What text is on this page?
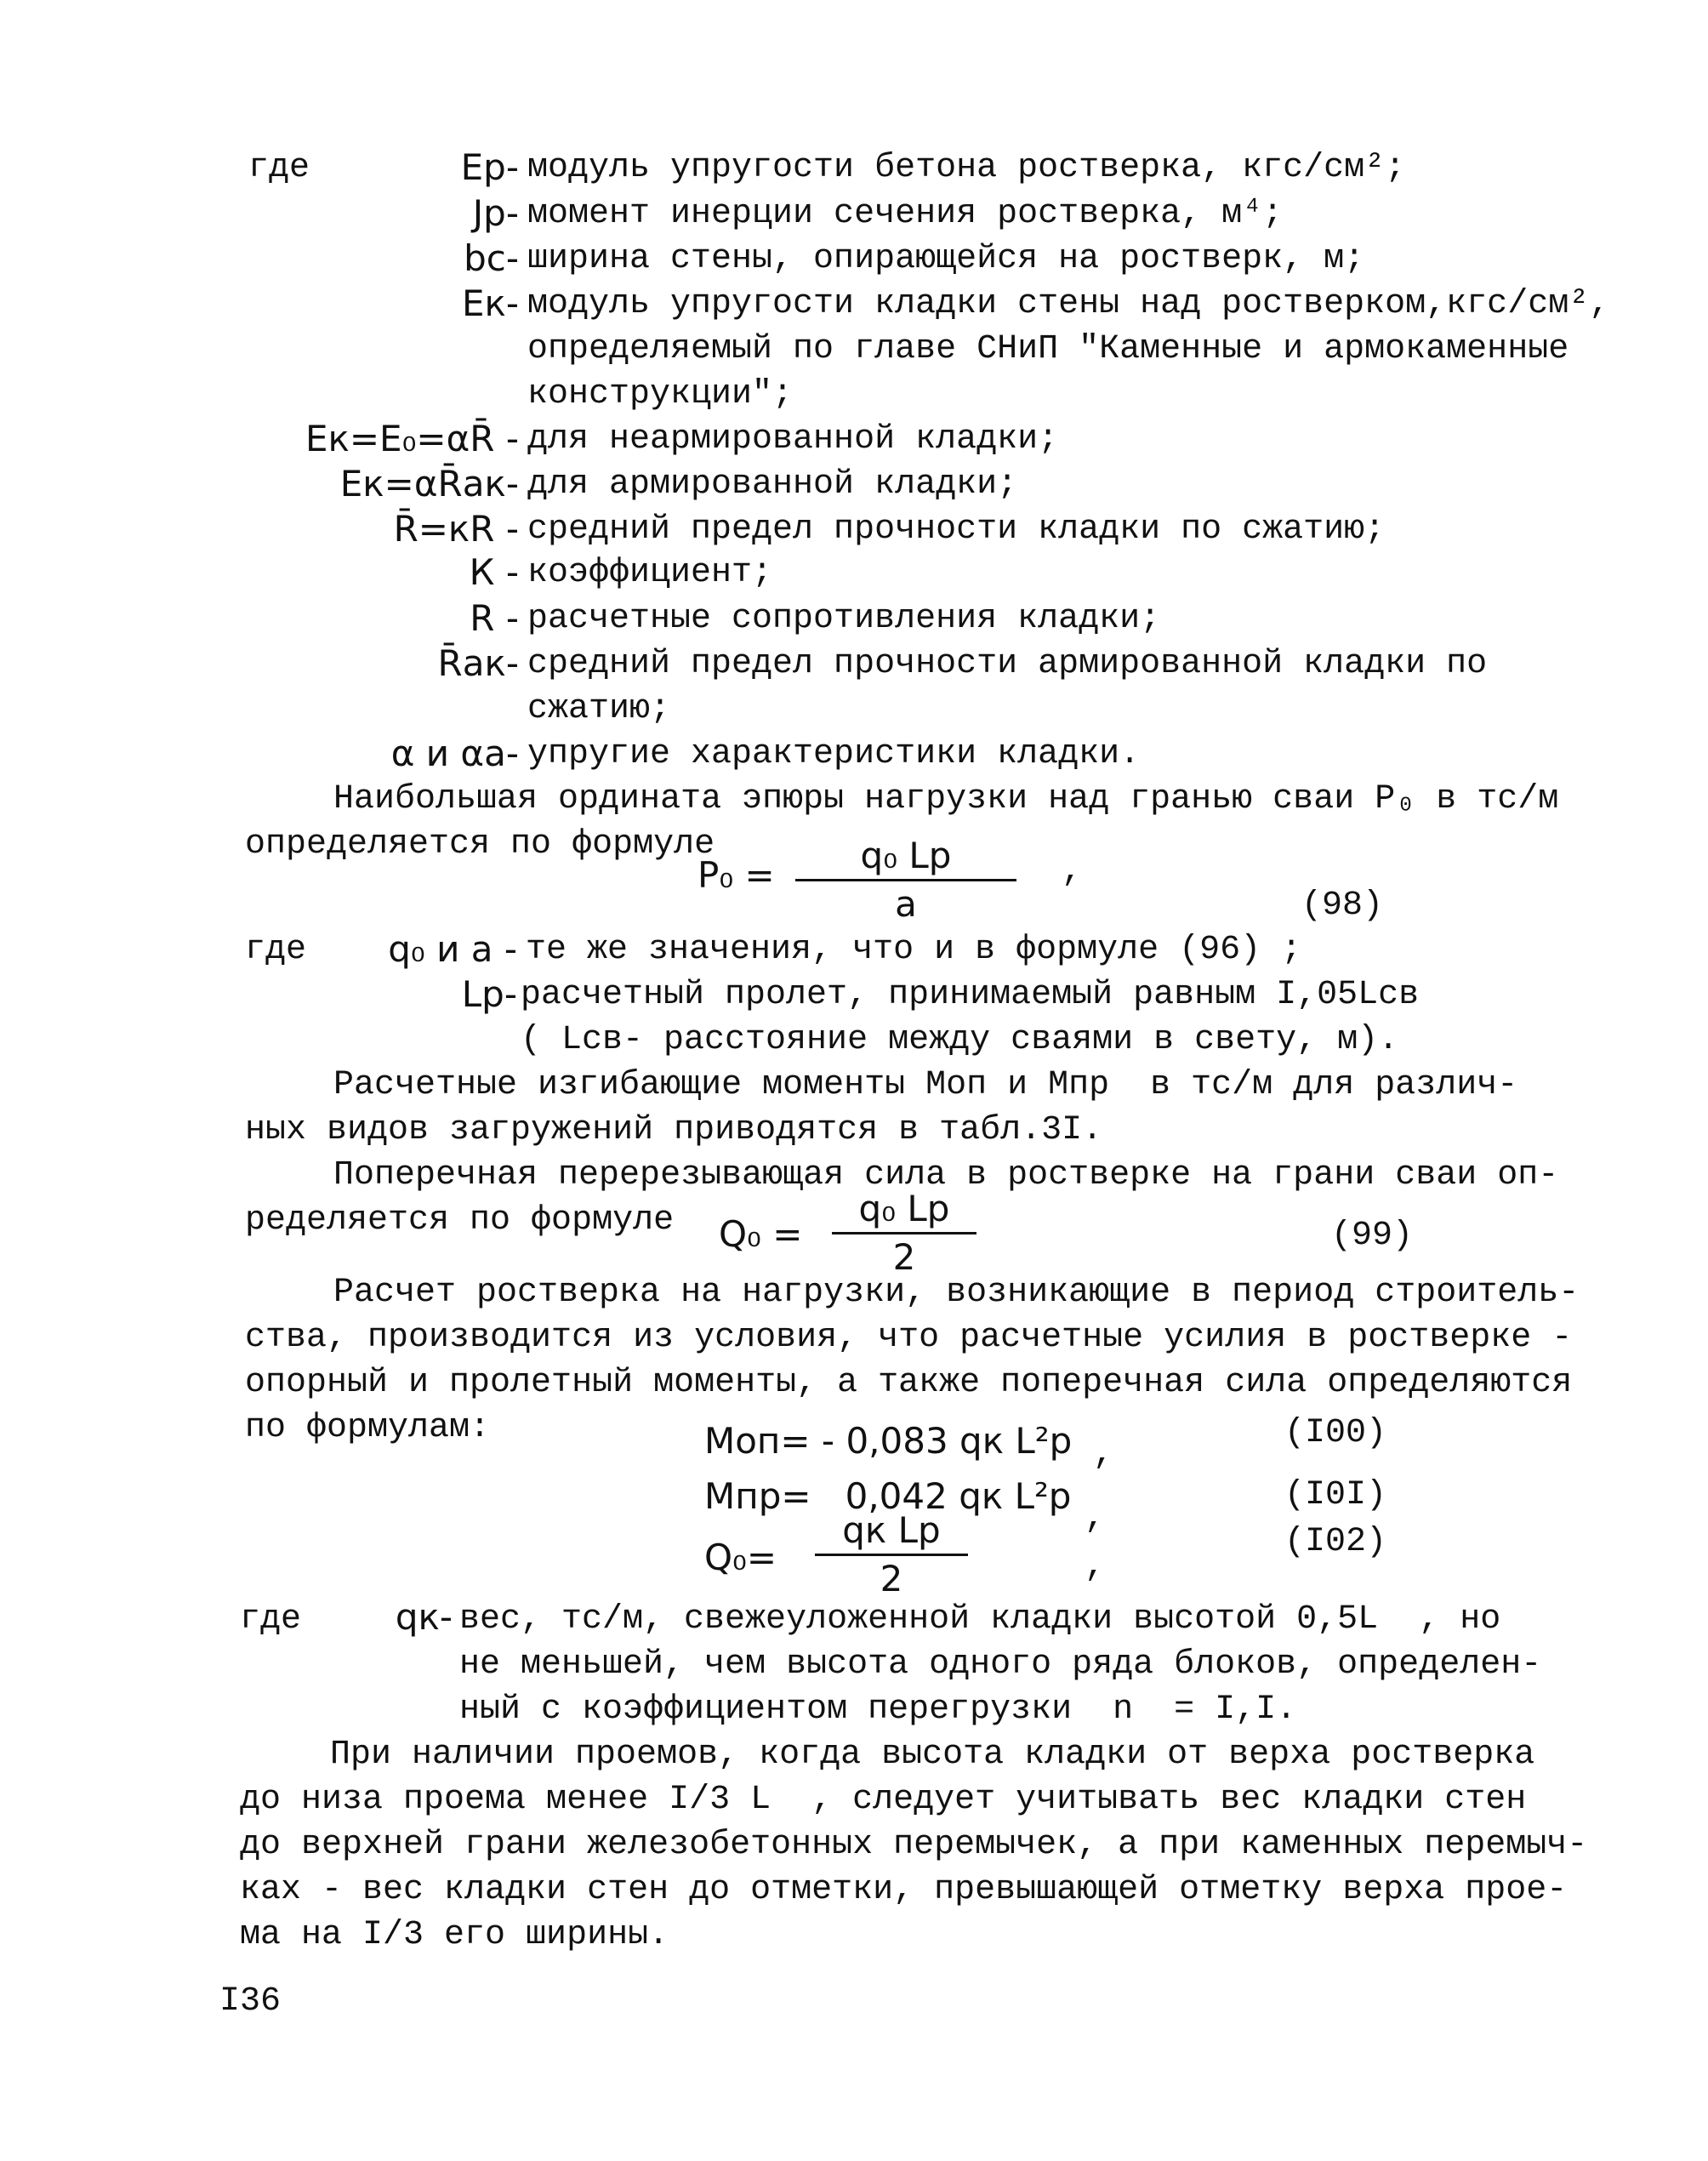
где	Eр- модуль упругости бетона ростверка, кгс/см²;
Jр- момент инерции сечения ростверка, м⁴;
bс- ширина стены, опирающейся на ростверк, м;
Eк- модуль упругости кладки стены над ростверком,кгс/см²,
определяемый по главе СНиП "Каменные и армокаменные
конструкции";
Eк=E₀=αR̄ - для неармированной кладки;
Eк=αR̄ак- для армированной кладки;
R̄=кR - средний предел прочности кладки по сжатию;
К - коэффициент;
R - расчетные сопротивления кладки;
R̄ак- средний предел прочности армированной кладки по
сжатию;
α и αа- упругие характеристики кладки.
Наибольшая ордината эпюры нагрузки над гранью сваи P₀ в тс/м
определяется по формуле
P₀ =	q₀ Lр
a
,
(98)
где	q₀ и a - те же значения, что и в формуле (96) ;
Lр- расчетный пролет, принимаемый равным I,05Lсв
( Lсв- расстояние между сваями в свету, м).
Расчетные изгибающие моменты Mоп и Mпр  в тс/м для различ-
ных видов загружений приводятся в табл.3I.
Поперечная перерезывающая сила в ростверке на грани сваи оп-
ределяется по формуле Q₀ =
q₀ Lр
2
(99)
Расчет ростверка на нагрузки, возникающие в период строитель-
ства, производится из условия, что расчетные усилия в ростверке -
опорный и пролетный моменты, а также поперечная сила определяются
по формулам:	Mоп= - 0,083 qк L²р ,
(I00)
Mпр=   0,042 qк L²р
,
(I0I)
Q₀=
qк Lр
2	,
(I02)
где	qк- вес, тс/м, свежеуложенной кладки высотой 0,5L  , но
не меньшей, чем высота одного ряда блоков, определен-
ный с коэффициентом перегрузки  n  = I,I.
При наличии проемов, когда высота кладки от верха ростверка
до низа проема менее I/3 L  , следует учитывать вес кладки стен
до верхней грани железобетонных перемычек, а при каменных перемыч-
ках - вес кладки стен до отметки, превышающей отметку верха прое-
ма на I/3 его ширины.
I36
